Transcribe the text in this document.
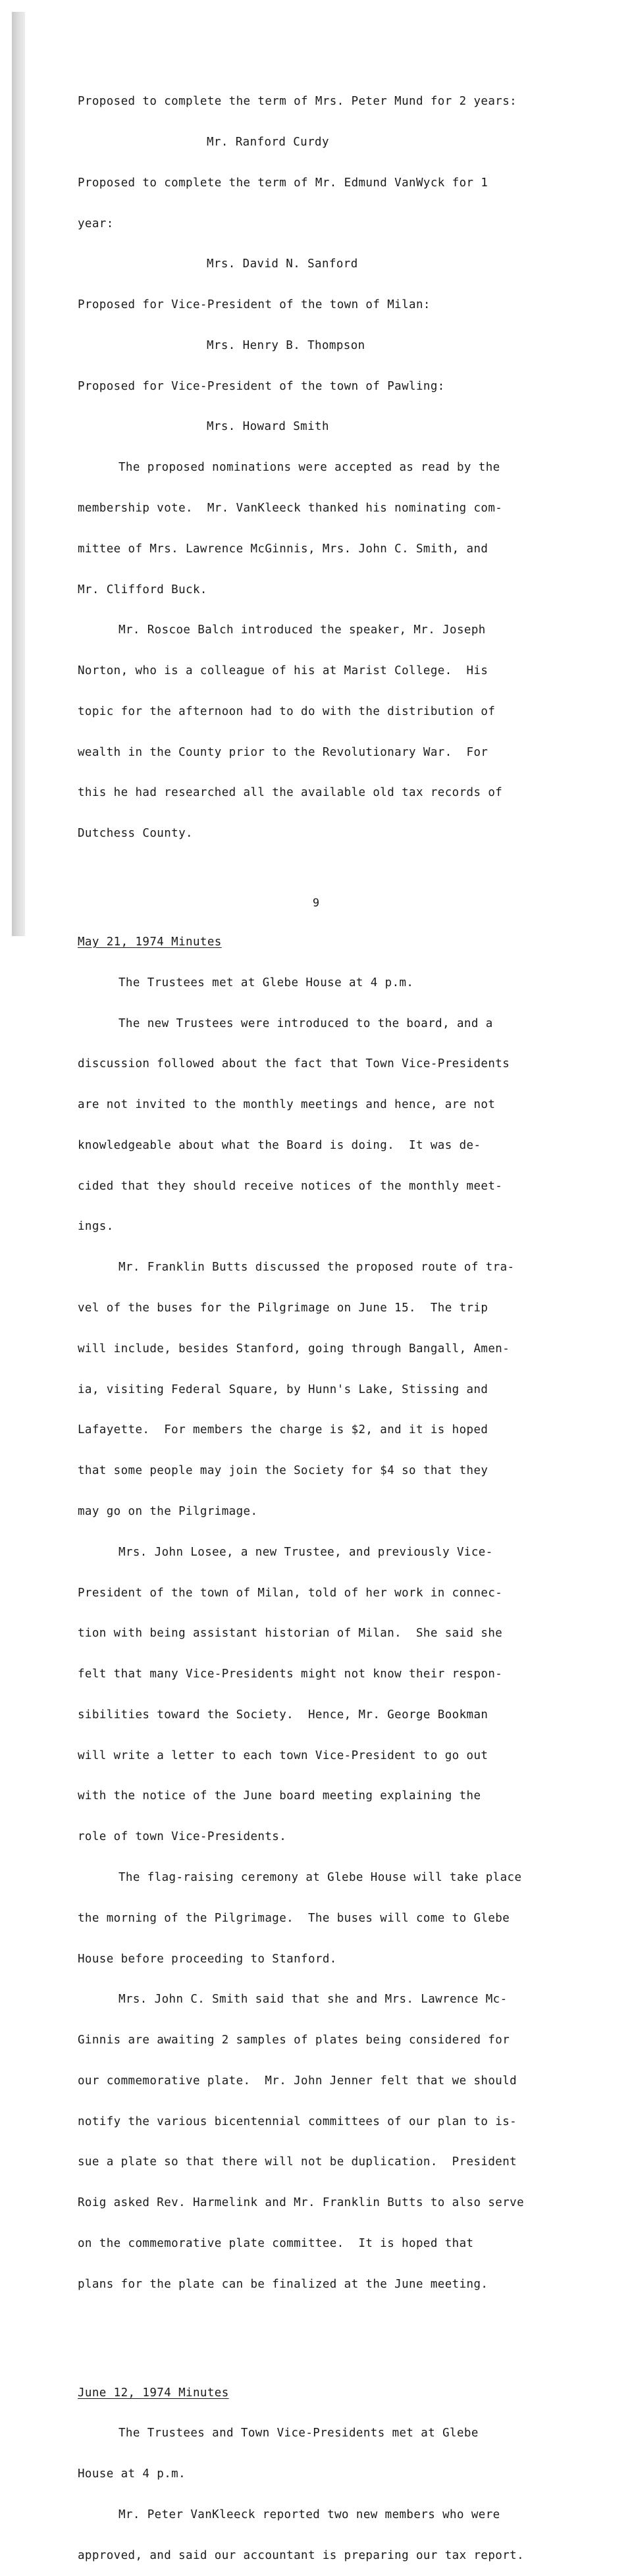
Proposed to complete the term of Mrs. Peter Mund for 2 years:

Mr. Ranford Curdy

Proposed to complete the term of Mr. Edmund VanWyck for 1

year:

Mrs. David N. Sanford

Proposed for Vice-President of the town of Milan:

Mrs. Henry B. Thompson

Proposed for Vice-President of the town of Pawling:

Mrs. Howard Smith

The proposed nominations were accepted as read by the

membership vote.  Mr. VanKleeck thanked his nominating com-

mittee of Mrs. Lawrence McGinnis, Mrs. John C. Smith, and

Mr. Clifford Buck.

Mr. Roscoe Balch introduced the speaker, Mr. Joseph

Norton, who is a colleague of his at Marist College.  His

topic for the afternoon had to do with the distribution of

wealth in the County prior to the Revolutionary War.  For

this he had researched all the available old tax records of

Dutchess County.

May 21, 1974 Minutes

The Trustees met at Glebe House at 4 p.m.

The new Trustees were introduced to the board, and a

discussion followed about the fact that Town Vice-Presidents

are not invited to the monthly meetings and hence, are not

knowledgeable about what the Board is doing.  It was de-

cided that they should receive notices of the monthly meet-

ings.

Mr. Franklin Butts discussed the proposed route of tra-

vel of the buses for the Pilgrimage on June 15.  The trip

will include, besides Stanford, going through Bangall, Amen-

ia, visiting Federal Square, by Hunn's Lake, Stissing and

Lafayette.  For members the charge is $2, and it is hoped

that some people may join the Society for $4 so that they

may go on the Pilgrimage.

Mrs. John Losee, a new Trustee, and previously Vice-

President of the town of Milan, told of her work in connec-

tion with being assistant historian of Milan.  She said she

felt that many Vice-Presidents might not know their respon-

sibilities toward the Society.  Hence, Mr. George Bookman

will write a letter to each town Vice-President to go out

with the notice of the June board meeting explaining the

role of town Vice-Presidents.

The flag-raising ceremony at Glebe House will take place

the morning of the Pilgrimage.  The buses will come to Glebe

House before proceeding to Stanford.

Mrs. John C. Smith said that she and Mrs. Lawrence Mc-

Ginnis are awaiting 2 samples of plates being considered for

our commemorative plate.  Mr. John Jenner felt that we should

notify the various bicentennial committees of our plan to is-

sue a plate so that there will not be duplication.  President

Roig asked Rev. Harmelink and Mr. Franklin Butts to also serve

on the commemorative plate committee.  It is hoped that

plans for the plate can be finalized at the June meeting.

June 12, 1974 Minutes

The Trustees and Town Vice-Presidents met at Glebe

House at 4 p.m.

Mr. Peter VanKleeck reported two new members who were

approved, and said our accountant is preparing our tax report.

9
